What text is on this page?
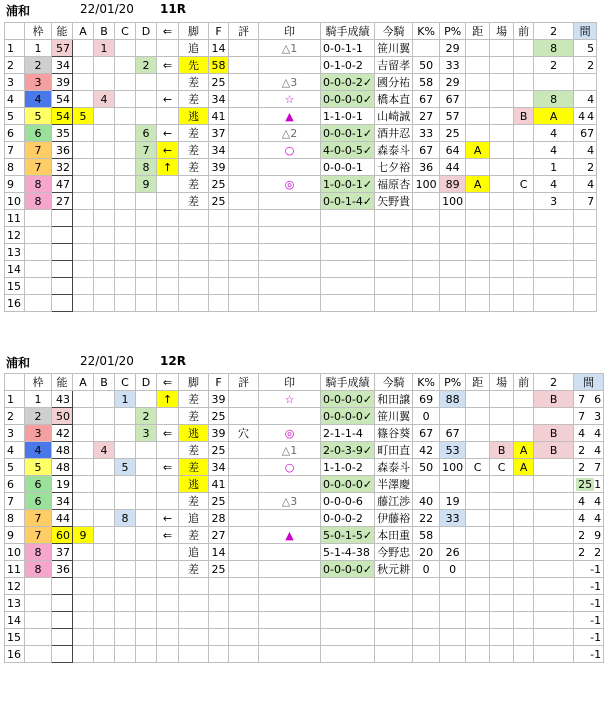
浦和	22/01/20 11R
	枠	能	A	B	C	D	⇐	脚	F	評	印	騎手成績	今騎	K%	P%	距	場	前	2	間
1	1	57		1				追	14		△1	0-0-1-1	笹川翼		29				8	5
2	2	34				2	⇐	先	58			0-1-0-2	吉留孝	50	33				2	2
3	3	39						差	25		△3	0-0-0-2✓	國分祐	58	29					
4	4	54		4			←	差	34		☆	0-0-0-0✓	橋本直	67	67				8	4
5	5	54	5					逃	41		▲	1-1-0-1	山崎誠	27	57			B	A	4 4
6	6	35				6	←	差	37		△2	0-0-0-1✓	酒井忍	33	25				4	67
7	7	36				7	←	差	34		○	4-0-0-5✓	森泰斗	67	64	A			4	4
8	7	32				8	↑	差	39			0-0-0-1	七夕裕	36	44				1	2
9	8	47				9		差	25		◎	1-0-0-1✓	福原杏	100	89	A		C	4	4
10	8	27						差	25			0-0-1-4✓	矢野貴		100				3	7
11																				
12																				
13																				
14																				
15																				
16																				
浦和	22/01/20 12R
	枠	能	A	B	C	D	⇐	脚	F	評	印	騎手成績	今騎	K%	P%	距	場	前	2	間
1	1	43			1		↑	差	39		☆	0-0-0-0✓	和田譲	69	88				B	7 6
2	2	50				2		差	25			0-0-0-0✓	笹川翼	0						7 3
3	3	42				3	⇐	逃	39	穴	◎	2-1-1-4	篠谷葵	67	67				B	4 4
4	4	48		4				差	25		△1	2-0-3-9✓	町田直	42	53		B	A	B	2 4
5	5	48			5		⇐	差	34		○	1-1-0-2	森泰斗	50	100	C	C	A		2 7
6	6	19						逃	41			0-0-0-0✓	半澤慶							25 1
7	6	34						差	25		△3	0-0-0-6	藤江渉	40	19					4 4
8	7	44			8		←	追	28			0-0-0-2	伊藤裕	22	33					4 4
9	7	60	9				⇐	差	27		▲	5-0-1-5✓	本田重	58						2 9
10	8	37						追	14			5-1-4-38	今野忠	20	26					2 2
11	8	36						差	25			0-0-0-0✓	秋元耕	0	0					-1
12																				-1
13																				-1
14																				-1
15																				-1
16																				-1
